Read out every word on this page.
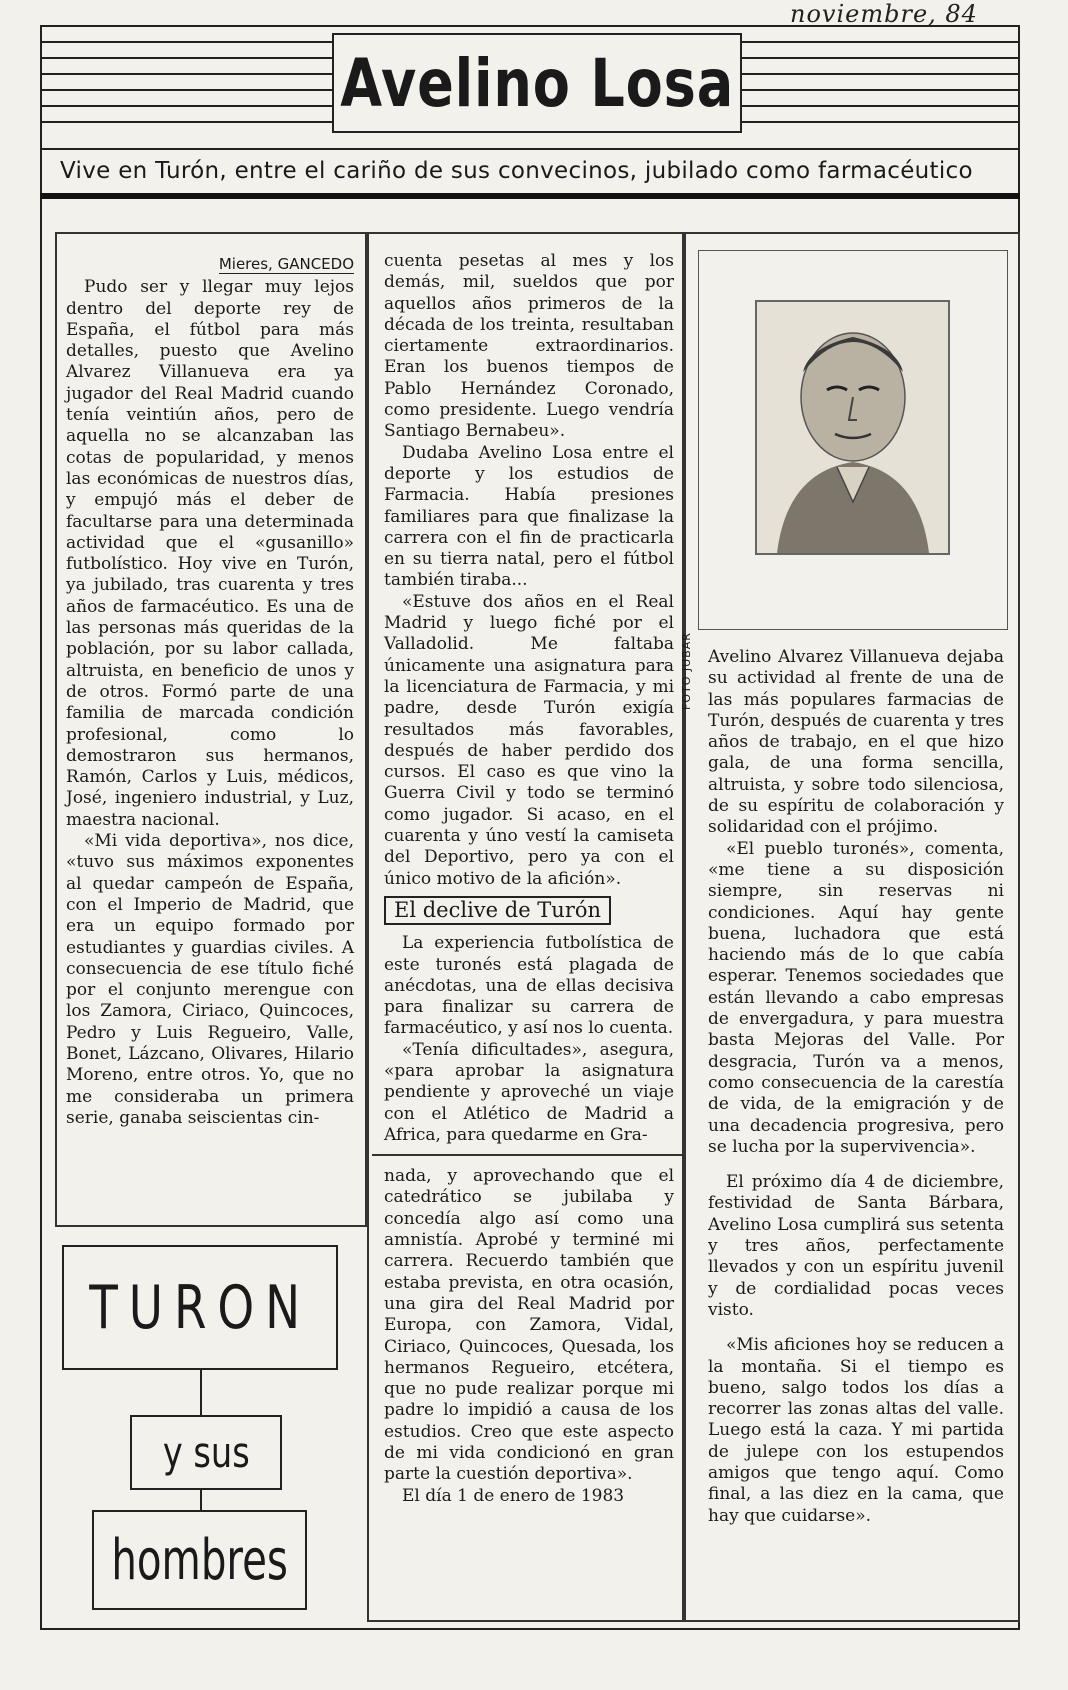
noviembre, 84
Avelino Losa
Vive en Turón, entre el cariño de sus convecinos, jubilado como farmacéutico
Mieres, GANCEDO

Pudo ser y llegar muy lejos dentro del deporte rey de España, el fútbol para más detalles, puesto que Avelino Alvarez Villanueva era ya jugador del Real Madrid cuando tenía veintiún años, pero de aquella no se alcanzaban las cotas de popularidad, y menos las económicas de nuestros días, y empujó más el deber de facultarse para una determinada actividad que el «gusanillo» futbolístico. Hoy vive en Turón, ya jubilado, tras cuarenta y tres años de farmacéutico. Es una de las personas más queridas de la población, por su labor callada, altruista, en beneficio de unos y de otros. Formó parte de una familia de marcada condición profesional, como lo demostraron sus hermanos, Ramón, Carlos y Luis, médicos, José, ingeniero industrial, y Luz, maestra nacional.

«Mi vida deportiva», nos dice, «tuvo sus máximos exponentes al quedar campeón de España, con el Imperio de Madrid, que era un equipo formado por estudiantes y guardias civiles. A consecuencia de ese título fiché por el conjunto merengue con los Zamora, Ciriaco, Quincoces, Pedro y Luis Regueiro, Valle, Bonet, Lázcano, Olivares, Hilario Moreno, entre otros. Yo, que no me consideraba un primera serie, ganaba seiscientas cin-

TURON
y sus
hombres

cuenta pesetas al mes y los demás, mil, sueldos que por aquellos años primeros de la década de los treinta, resultaban ciertamente extraordinarios. Eran los buenos tiempos de Pablo Hernández Coronado, como presidente. Luego vendría Santiago Bernabeu».

Dudaba Avelino Losa entre el deporte y los estudios de Farmacia. Había presiones familiares para que finalizase la carrera con el fin de practicarla en su tierra natal, pero el fútbol también tiraba...

«Estuve dos años en el Real Madrid y luego fiché por el Valladolid. Me faltaba únicamente una asignatura para la licenciatura de Farmacia, y mi padre, desde Turón exigía resultados más favorables, después de haber perdido dos cursos. El caso es que vino la Guerra Civil y todo se terminó como jugador. Si acaso, en el cuarenta y úno vestí la camiseta del Deportivo, pero ya con el único motivo de la afición».

El declive de Turón

La experiencia futbolística de este turonés está plagada de anécdotas, una de ellas decisiva para finalizar su carrera de farmacéutico, y así nos lo cuenta.

«Tenía dificultades», asegura, «para aprobar la asignatura pendiente y aproveché un viaje con el Atlético de Madrid a Africa, para quedarme en Gra-

nada, y aprovechando que el catedrático se jubilaba y concedía algo así como una amnistía. Aprobé y terminé mi carrera. Recuerdo también que estaba prevista, en otra ocasión, una gira del Real Madrid por Europa, con Zamora, Vidal, Ciriaco, Quincoces, Quesada, los hermanos Regueiro, etcétera, que no pude realizar porque mi padre lo impidió a causa de los estudios. Creo que este aspecto de mi vida condicionó en gran parte la cuestión deportiva».

El día 1 de enero de 1983

FOTO JUBAR Avelino Alvarez Villanueva dejaba su actividad al frente de una de las más populares farmacias de Turón, después de cuarenta y tres años de trabajo, en el que hizo gala, de una forma sencilla, altruista, y sobre todo silenciosa, de su espíritu de colaboración y solidaridad con el prójimo.

«El pueblo turonés», comenta, «me tiene a su disposición siempre, sin reservas ni condiciones. Aquí hay gente buena, luchadora que está haciendo más de lo que cabía esperar. Tenemos sociedades que están llevando a cabo empresas de envergadura, y para muestra basta Mejoras del Valle. Por desgracia, Turón va a menos, como consecuencia de la carestía de vida, de la emigración y de una decadencia progresiva, pero se lucha por la supervivencia».

El próximo día 4 de diciembre, festividad de Santa Bárbara, Avelino Losa cumplirá sus setenta y tres años, perfectamente llevados y con un espíritu juvenil y de cordialidad pocas veces visto.

«Mis aficiones hoy se reducen a la montaña. Si el tiempo es bueno, salgo todos los días a recorrer las zonas altas del valle. Luego está la caza. Y mi partida de julepe con los estupendos amigos que tengo aquí. Como final, a las diez en la cama, que hay que cuidarse».
